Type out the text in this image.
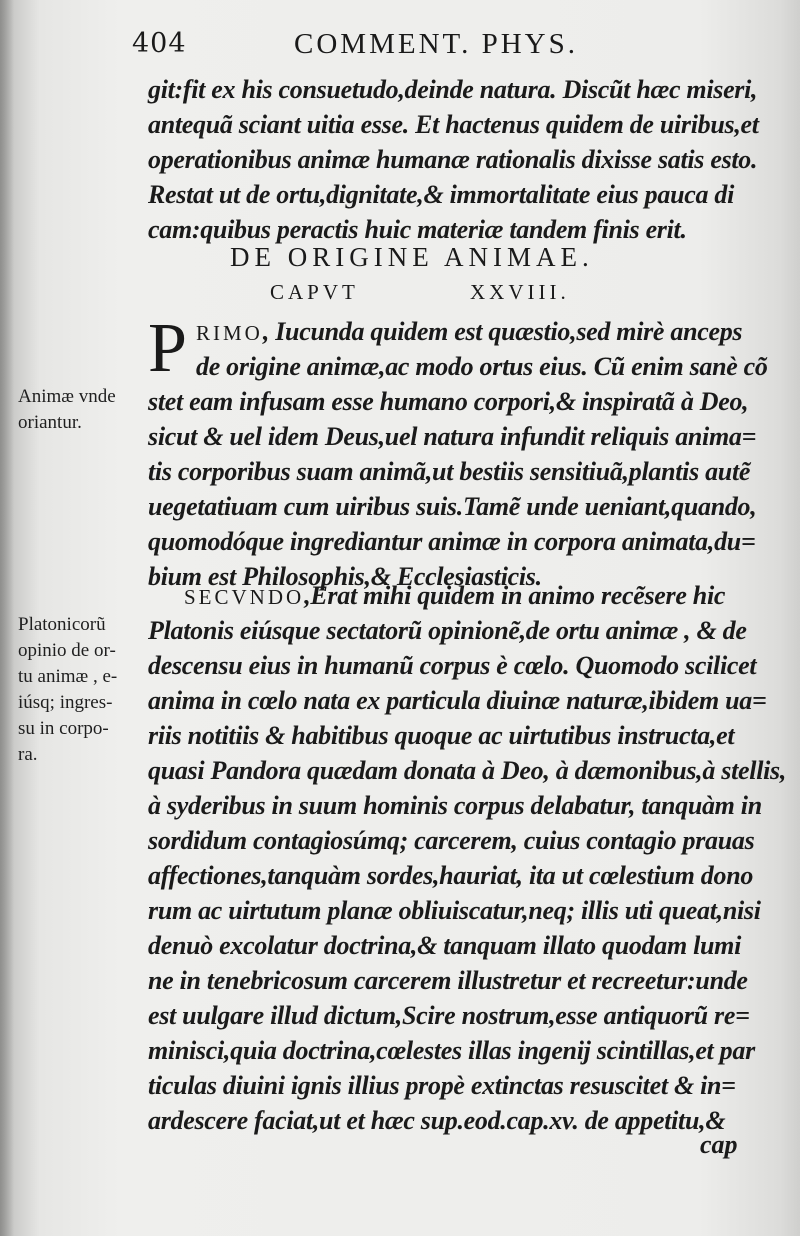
404	COMMENT. PHYS.
git:fit ex his consuetudo,deinde natura. Discũt hæc miseri,
antequã sciant uitia esse. Et hactenus quidem de uiribus,et
operationibus animæ humanæ rationalis dixisse satis esto.
Restat ut de ortu,dignitate,& immortalitate eius pauca di
cam:quibus peractis huic materiæ tandem finis erit.
DE ORIGINE ANIMAE.
CAPVT	XXVIII.
P RIMO, Iucunda quidem est quæstio,sed mirè anceps
de origine animæ,ac modo ortus eius. Cũ enim sanè cõ
stet eam infusam esse humano corpori,& inspiratã à Deo,
sicut & uel idem Deus,uel natura infundit reliquis anima=
tis corporibus suam animã,ut bestiis sensitiuã,plantis autẽ
uegetatiuam cum uiribus suis.Tamẽ unde ueniant,quando,
quomodóque ingrediantur animæ in corpora animata,du=
bium est Philosophis,& Ecclesiasticis.
SECVNDO,Erat mihi quidem in animo recẽsere hic
Platonis eiúsque sectatorũ opinionẽ,de ortu animæ , & de
descensu eius in humanũ corpus è cœlo. Quomodo scilicet
anima in cœlo nata ex particula diuinæ naturæ,ibidem ua=
riis notitiis & habitibus quoque ac uirtutibus instructa,et
quasi Pandora quædam donata à Deo, à dæmonibus,à stellis,
à syderibus in suum hominis corpus delabatur, tanquàm in
sordidum contagiosúmq; carcerem, cuius contagio prauas
affectiones,tanquàm sordes,hauriat, ita ut cœlestium dono
rum ac uirtutum planæ obliuiscatur,neq; illis uti queat,nisi
denuò excolatur doctrina,& tanquam illato quodam lumi
ne in tenebricosum carcerem illustretur et recreetur:unde
est uulgare illud dictum,Scire nostrum,esse antiquorũ re=
minisci,quia doctrina,cœlestes illas ingenij scintillas,et par
ticulas diuini ignis illius propè extinctas resuscitet & in=
ardescere faciat,ut et hæc sup.eod.cap.xv. de appetitu,&
cap
Animæ vnde
oriantur.
Platonicorũ
opinio de or-
tu animæ , e-
iúsq; ingres-
su in corpo-
ra.
